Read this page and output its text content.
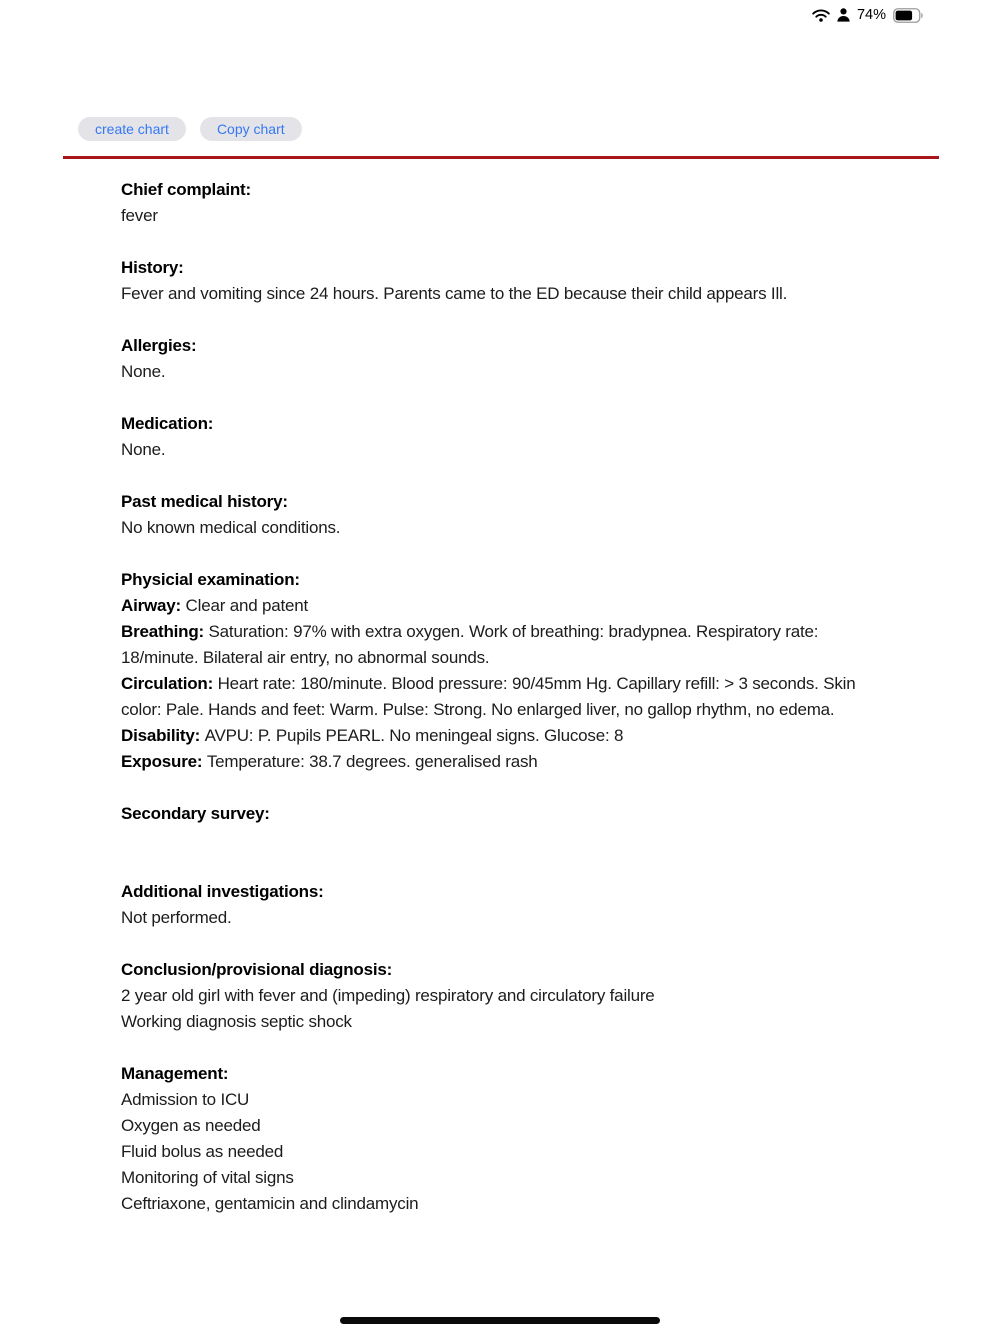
74%
create chart	Copy chart
Chief complaint:
fever
History:
Fever and vomiting since 24 hours. Parents came to the ED because their child appears Ill.
Allergies:
None.
Medication:
None.
Past medical history:
No known medical conditions.
Physicial examination:
Airway: Clear and patent
Breathing: Saturation: 97% with extra oxygen. Work of breathing: bradypnea. Respiratory rate: 18/minute. Bilateral air entry, no abnormal sounds.
Circulation: Heart rate: 180/minute. Blood pressure: 90/45mm Hg. Capillary refill: > 3 seconds. Skin color: Pale. Hands and feet: Warm. Pulse: Strong. No enlarged liver, no gallop rhythm, no edema.
Disability: AVPU: P. Pupils PEARL. No meningeal signs. Glucose: 8
Exposure: Temperature: 38.7 degrees. generalised rash
Secondary survey:

Additional investigations:
Not performed.
Conclusion/provisional diagnosis:
2 year old girl with fever and (impeding) respiratory and circulatory failure
Working diagnosis septic shock
Management:
Admission to ICU
Oxygen as needed
Fluid bolus as needed
Monitoring of vital signs
Ceftriaxone, gentamicin and clindamycin
